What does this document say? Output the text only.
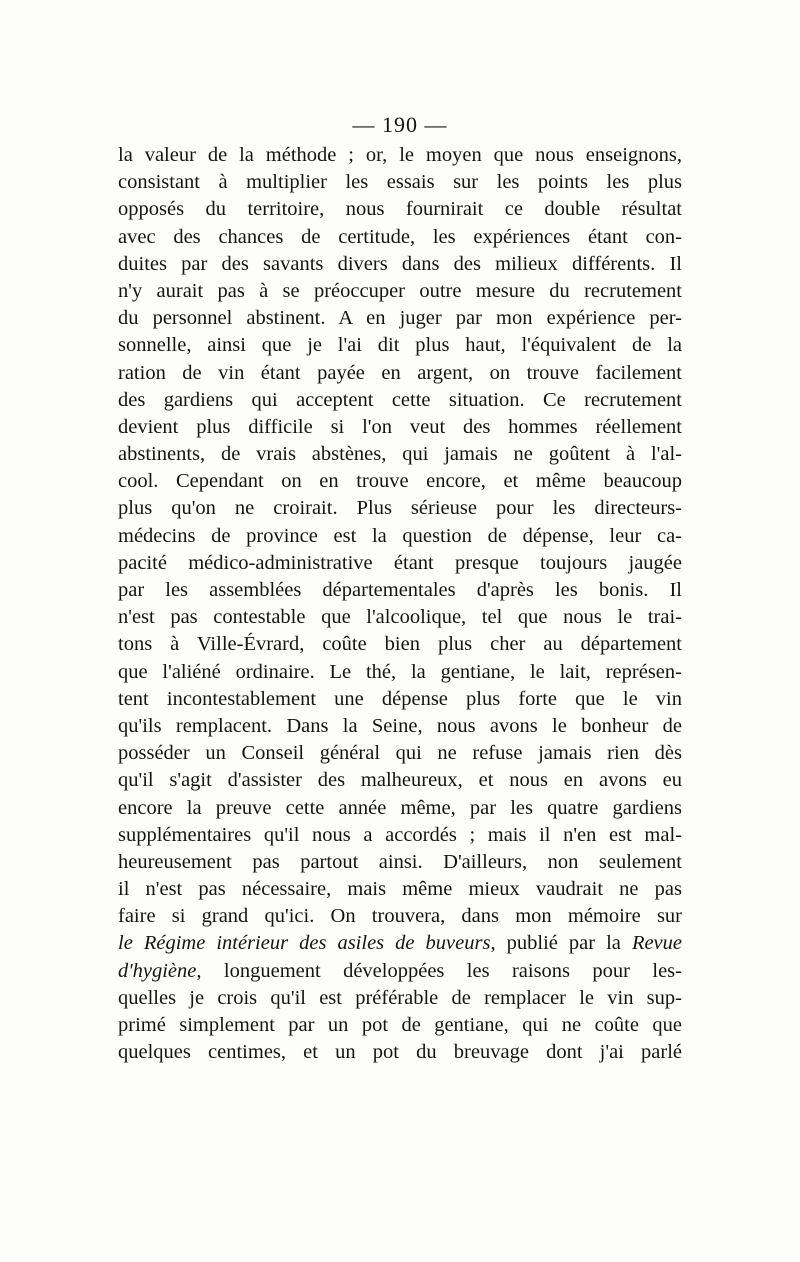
— 190 —
la valeur de la méthode ; or, le moyen que nous enseignons,
consistant à multiplier les essais sur les points les plus
opposés du territoire, nous fournirait ce double résultat
avec des chances de certitude, les expériences étant con-
duites par des savants divers dans des milieux différents. Il
n'y aurait pas à se préoccuper outre mesure du recrutement
du personnel abstinent. A en juger par mon expérience per-
sonnelle, ainsi que je l'ai dit plus haut, l'équivalent de la
ration de vin étant payée en argent, on trouve facilement
des gardiens qui acceptent cette situation. Ce recrutement
devient plus difficile si l'on veut des hommes réellement
abstinents, de vrais abstènes, qui jamais ne goûtent à l'al-
cool. Cependant on en trouve encore, et même beaucoup
plus qu'on ne croirait. Plus sérieuse pour les directeurs-
médecins de province est la question de dépense, leur ca-
pacité médico-administrative étant presque toujours jaugée
par les assemblées départementales d'après les bonis. Il
n'est pas contestable que l'alcoolique, tel que nous le trai-
tons à Ville-Évrard, coûte bien plus cher au département
que l'aliéné ordinaire. Le thé, la gentiane, le lait, représen-
tent incontestablement une dépense plus forte que le vin
qu'ils remplacent. Dans la Seine, nous avons le bonheur de
posséder un Conseil général qui ne refuse jamais rien dès
qu'il s'agit d'assister des malheureux, et nous en avons eu
encore la preuve cette année même, par les quatre gardiens
supplémentaires qu'il nous a accordés ; mais il n'en est mal-
heureusement pas partout ainsi. D'ailleurs, non seulement
il n'est pas nécessaire, mais même mieux vaudrait ne pas
faire si grand qu'ici. On trouvera, dans mon mémoire sur
le Régime intérieur des asiles de buveurs, publié par la Revue
d'hygiène, longuement développées les raisons pour les-
quelles je crois qu'il est préférable de remplacer le vin sup-
primé simplement par un pot de gentiane, qui ne coûte que
quelques centimes, et un pot du breuvage dont j'ai parlé
